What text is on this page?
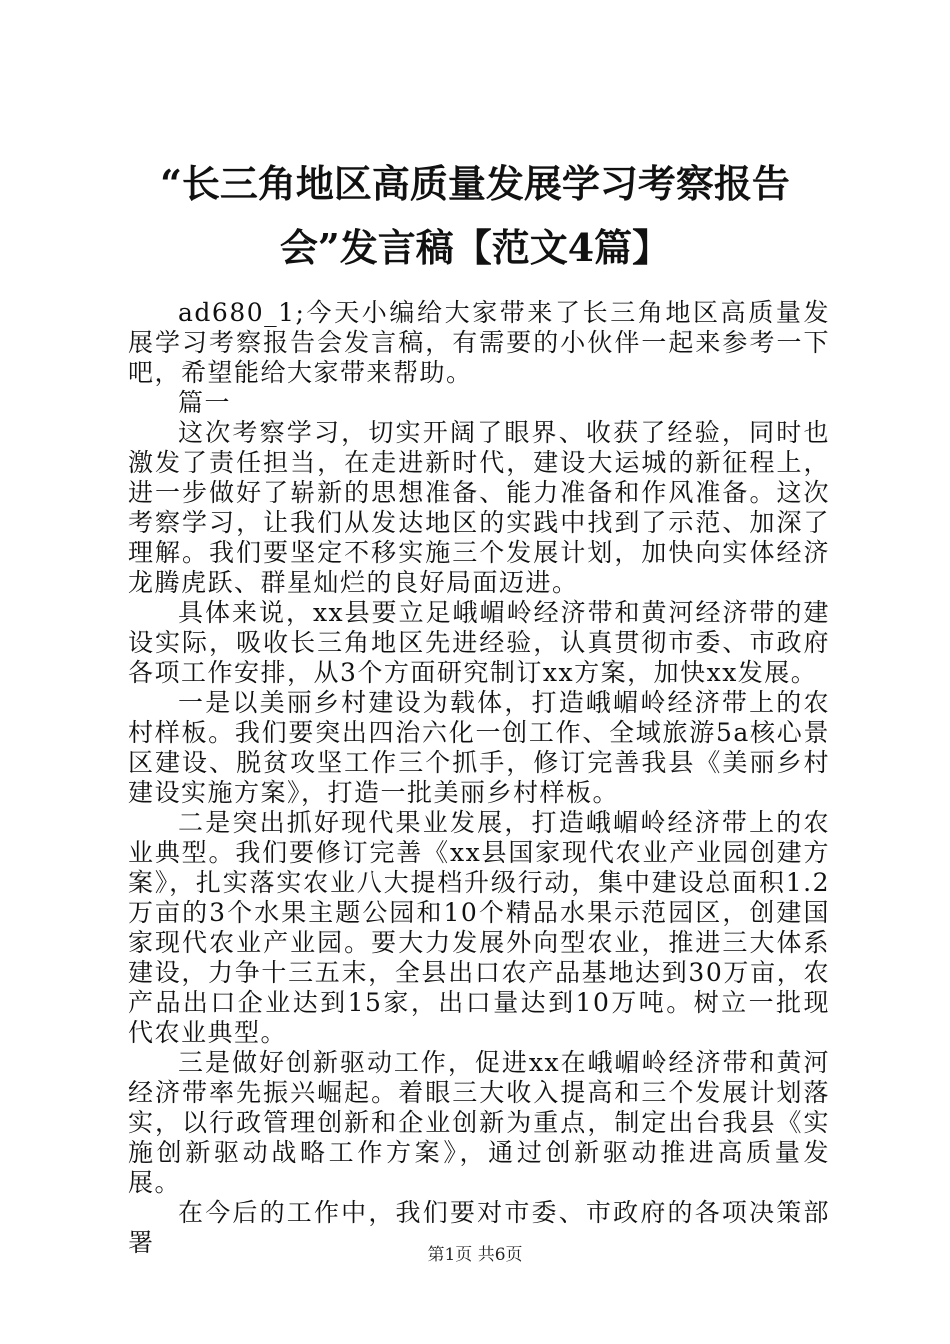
“长三角地区高质量发展学习考察报告会”发言稿【范文4篇】

ad680_1;今天小编给大家带来了长三角地区高质量发展学习考察报告会发言稿，有需要的小伙伴一起来参考一下吧，希望能给大家带来帮助。

篇一

这次考察学习，切实开阔了眼界、收获了经验，同时也激发了责任担当，在走进新时代，建设大运城的新征程上，进一步做好了崭新的思想准备、能力准备和作风准备。这次考察学习，让我们从发达地区的实践中找到了示范、加深了理解。我们要坚定不移实施三个发展计划，加快向实体经济龙腾虎跃、群星灿烂的良好局面迈进。

具体来说，xx县要立足峨嵋岭经济带和黄河经济带的建设实际，吸收长三角地区先进经验，认真贯彻市委、市政府各项工作安排，从3个方面研究制订xx方案，加快xx发展。

一是以美丽乡村建设为载体，打造峨嵋岭经济带上的农村样板。我们要突出四治六化一创工作、全域旅游5a核心景区建设、脱贫攻坚工作三个抓手，修订完善我县《美丽乡村建设实施方案》，打造一批美丽乡村样板。

二是突出抓好现代果业发展，打造峨嵋岭经济带上的农业典型。我们要修订完善《xx县国家现代农业产业园创建方案》，扎实落实农业八大提档升级行动，集中建设总面积1.2万亩的3个水果主题公园和10个精品水果示范园区，创建国家现代农业产业园。要大力发展外向型农业，推进三大体系建设，力争十三五末，全县出口农产品基地达到30万亩，农产品出口企业达到15家，出口量达到10万吨。树立一批现代农业典型。

三是做好创新驱动工作，促进xx在峨嵋岭经济带和黄河经济带率先振兴崛起。着眼三大收入提高和三个发展计划落实，以行政管理创新和企业创新为重点，制定出台我县《实施创新驱动战略工作方案》，通过创新驱动推进高质量发展。

在今后的工作中，我们要对市委、市政府的各项决策部署	第1页 共6页
